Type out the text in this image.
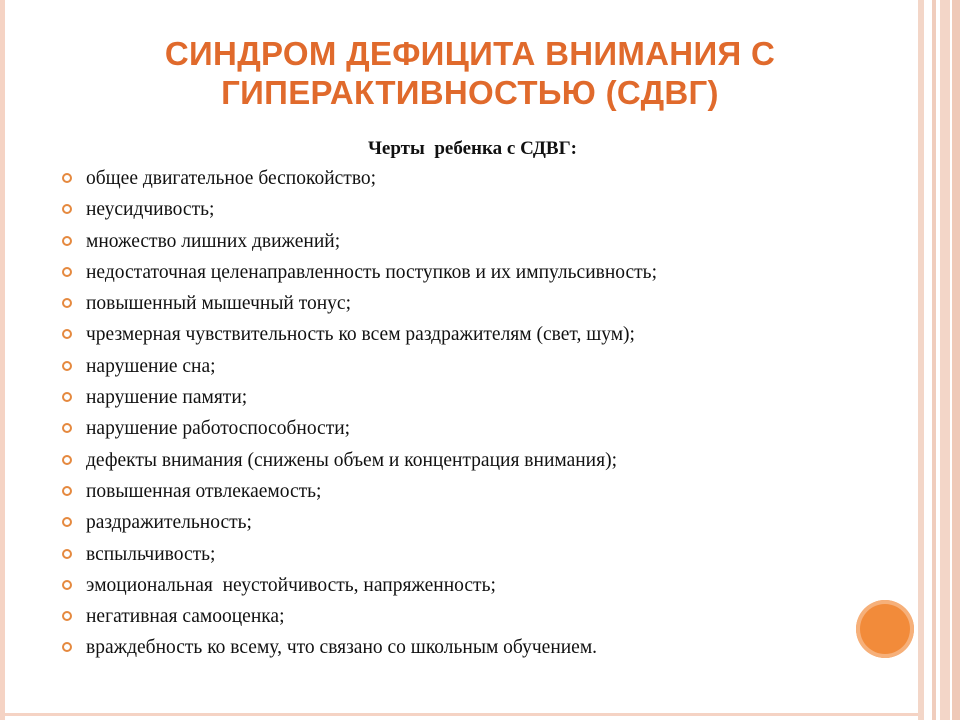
СИНДРОМ ДЕФИЦИТА ВНИМАНИЯ С ГИПЕРАКТИВНОСТЬЮ (СДВГ)
Черты  ребенка с СДВГ:
общее двигательное беспокойство;
неусидчивость;
множество лишних движений;
недостаточная целенаправленность поступков и их импульсивность;
повышенный мышечный тонус;
чрезмерная чувствительность ко всем раздражителям (свет, шум);
нарушение сна;
нарушение памяти;
нарушение работоспособности;
дефекты внимания (снижены объем и концентрация внимания);
повышенная отвлекаемость;
раздражительность;
вспыльчивость;
эмоциональная  неустойчивость, напряженность;
негативная самооценка;
враждебность ко всему, что связано со школьным обучением.
